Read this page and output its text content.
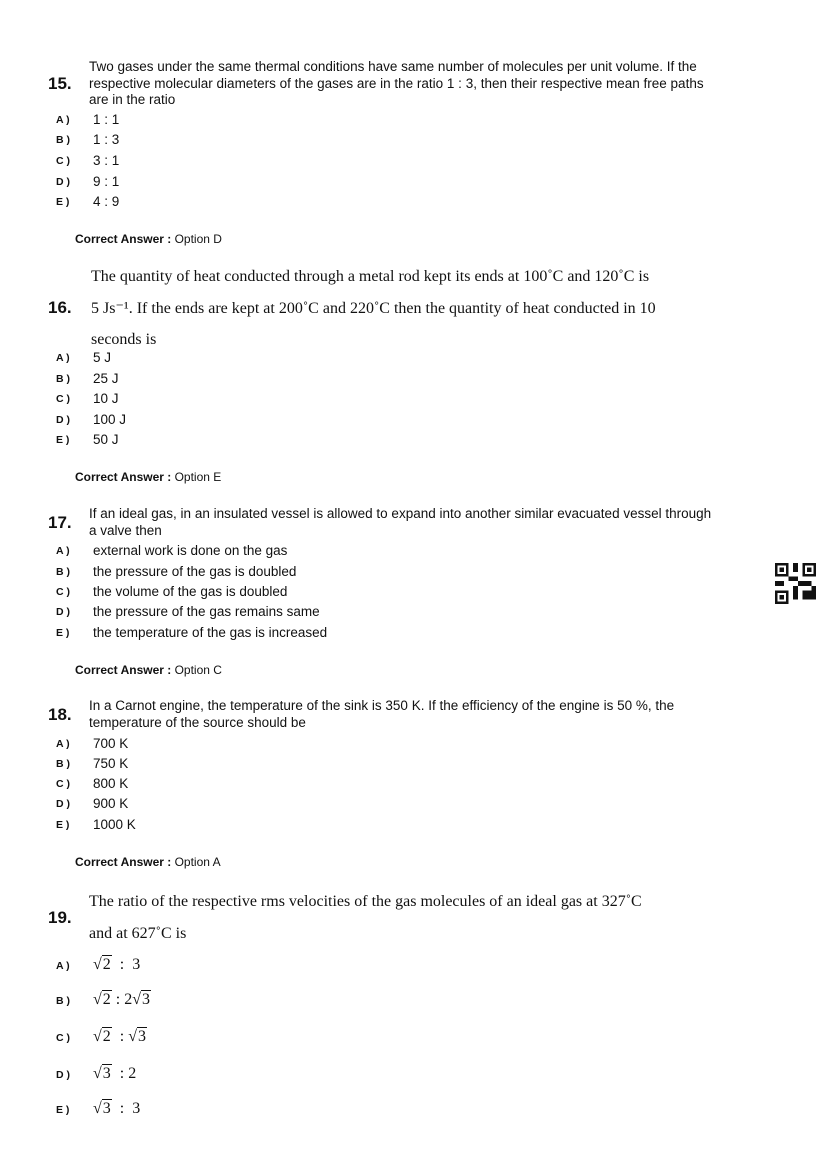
Two gases under the same thermal conditions have same number of molecules per unit volume. If the
respective molecular diameters of the gases are in the ratio 1 : 3, then their respective mean free paths
are in the ratio
15.
A ) 1 : 1
B ) 1 : 3
C ) 3 : 1
D ) 9 : 1
E ) 4 : 9
Correct Answer : Option D
The quantity of heat conducted through a metal rod kept its ends at 100˚C and 120˚C is
5 Js⁻¹. If the ends are kept at 200˚C and 220˚C then the quantity of heat conducted in 10
seconds is
16.
A ) 5 J
B ) 25 J
C ) 10 J
D ) 100 J
E ) 50 J
Correct Answer : Option E
If an ideal gas, in an insulated vessel is allowed to expand into another similar evacuated vessel through
a valve then
17.
A ) external work is done on the gas
B ) the pressure of the gas is doubled
C ) the volume of the gas is doubled
D ) the pressure of the gas remains same
E ) the temperature of the gas is increased
Correct Answer : Option C
In a Carnot engine, the temperature of the sink is 350 K. If the efficiency of the engine is 50 %, the
temperature of the source should be
18.
A ) 700 K
B ) 750 K
C ) 800 K
D ) 900 K
E ) 1000 K
Correct Answer : Option A
The ratio of the respective rms velocities of the gas molecules of an ideal gas at 327˚C
and at 627˚C is
19.
A ) √2  :  3
B ) √2 : 2√3
C ) √2  : √3
D ) √3  : 2
E ) √3  :  3
